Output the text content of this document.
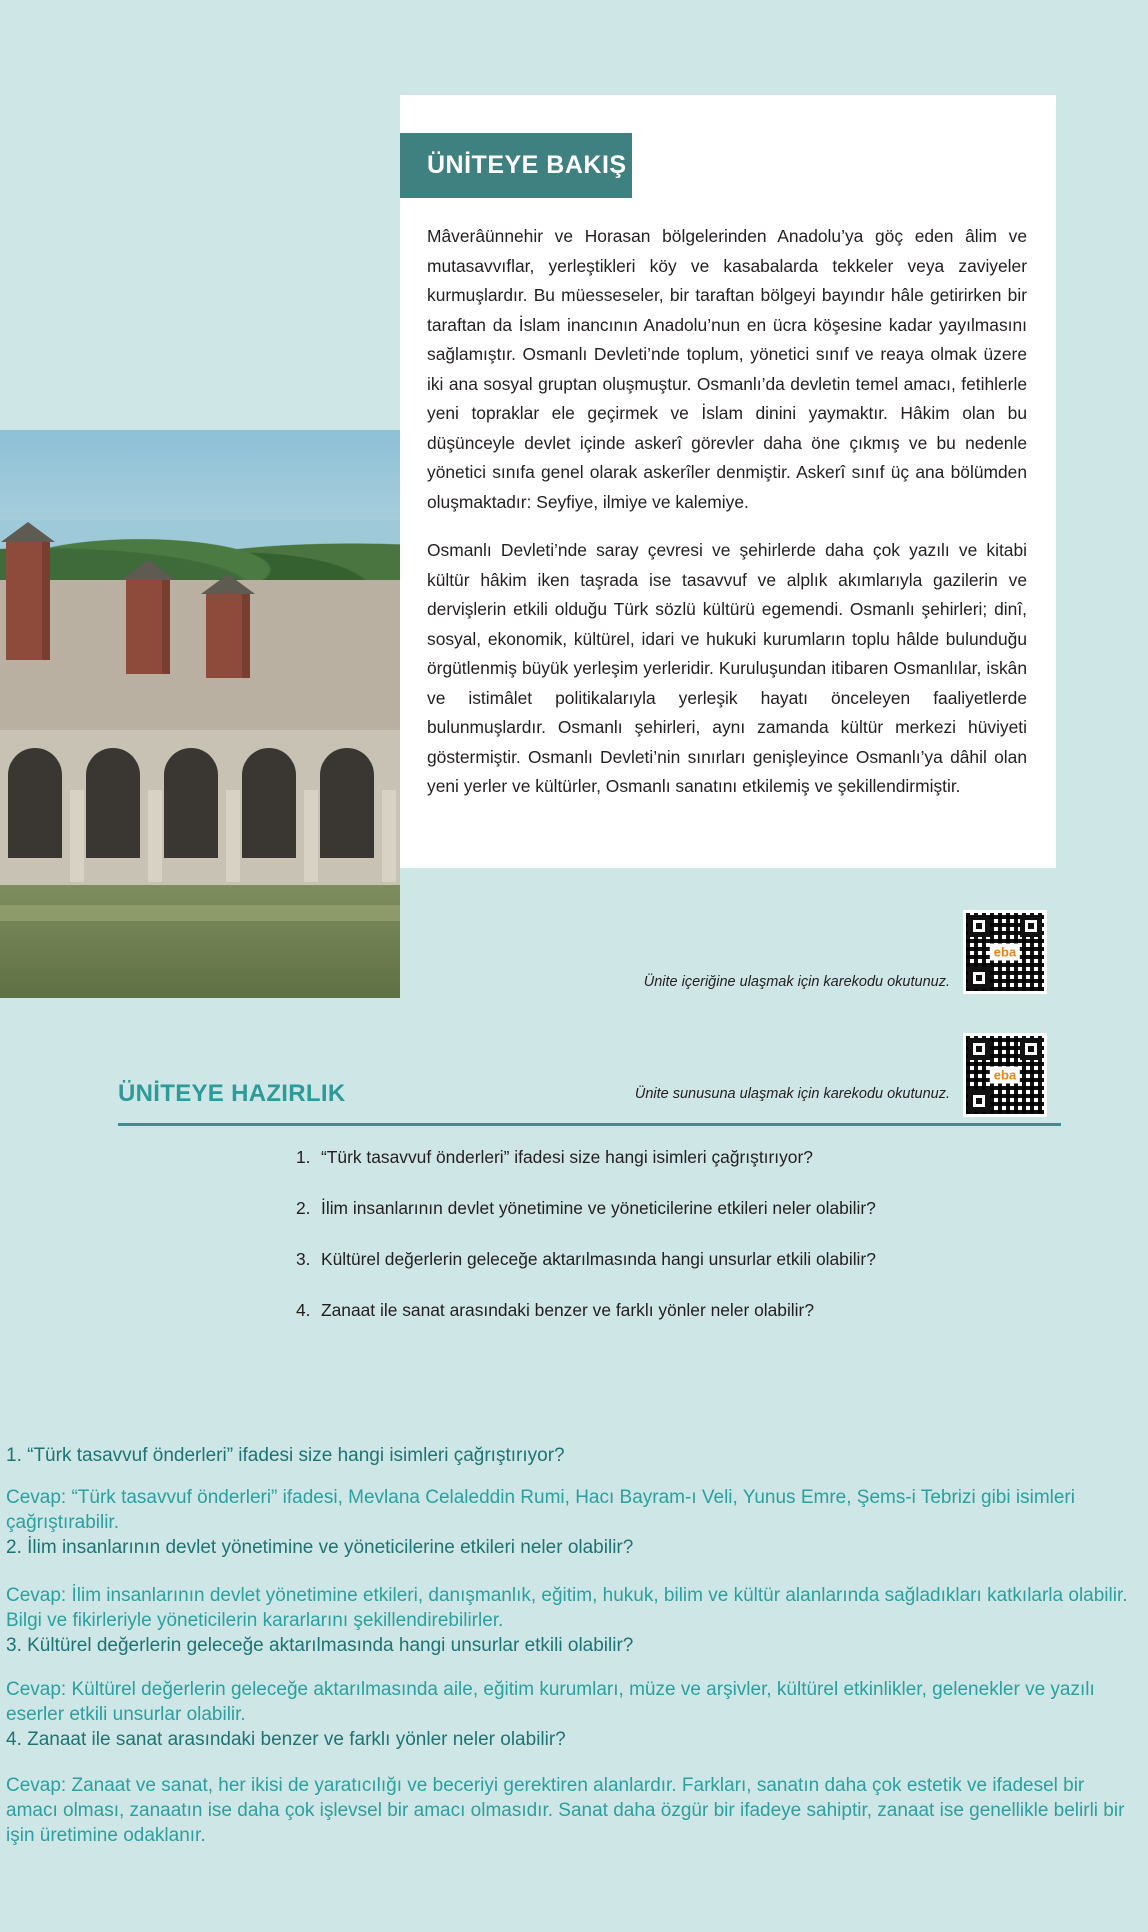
ÜNİTEYE BAKIŞ

Mâverâünnehir ve Horasan bölgelerinden Anadolu’ya göç eden âlim ve mutasavvıflar, yerleştikleri köy ve kasabalarda tekkeler veya zaviyeler kurmuşlardır. Bu müesseseler, bir taraftan bölgeyi bayındır hâle getirirken bir taraftan da İslam inancının Anadolu’nun en ücra köşesine kadar yayılmasını sağlamıştır. Osmanlı Devleti’nde toplum, yönetici sınıf ve reaya olmak üzere iki ana sosyal gruptan oluşmuştur. Osmanlı’da devletin temel amacı, fetihlerle yeni topraklar ele geçirmek ve İslam dinini yaymaktır. Hâkim olan bu düşünceyle devlet içinde askerî görevler daha öne çıkmış ve bu nedenle yönetici sınıfa genel olarak askerîler denmiştir. Askerî sınıf üç ana bölümden oluşmaktadır: Seyfiye, ilmiye ve kalemiye.

Osmanlı Devleti’nde saray çevresi ve şehirlerde daha çok yazılı ve kitabi kültür hâkim iken taşrada ise tasavvuf ve alplık akımlarıyla gazilerin ve dervişlerin etkili olduğu Türk sözlü kültürü egemendi. Osmanlı şehirleri; dinî, sosyal, ekonomik, kültürel, idari ve hukuki kurumların toplu hâlde bulunduğu örgütlenmiş büyük yerleşim yerleridir. Kuruluşundan itibaren Osmanlılar, iskân ve istimâlet politikalarıyla yerleşik hayatı önceleyen faaliyetlerde bulunmuşlardır. Osmanlı şehirleri, aynı zamanda kültür merkezi hüviyeti göstermiştir. Osmanlı Devleti’nin sınırları genişleyince Osmanlı’ya dâhil olan yeni yerler ve kültürler, Osmanlı sanatını etkilemiş ve şekillendirmiştir.

eba
Ünite içeriğine ulaşmak için karekodu okutunuz.
eba
Ünite sunusuna ulaşmak için karekodu okutunuz.
ÜNİTEYE HAZIRLIK
1. “Türk tasavvuf önderleri” ifadesi size hangi isimleri çağrıştırıyor?
2. İlim insanlarının devlet yönetimine ve yöneticilerine etkileri neler olabilir?
3. Kültürel değerlerin geleceğe aktarılmasında hangi unsurlar etkili olabilir?
4. Zanaat ile sanat arasındaki benzer ve farklı yönler neler olabilir?
1. “Türk tasavvuf önderleri” ifadesi size hangi isimleri çağrıştırıyor?
Cevap: “Türk tasavvuf önderleri” ifadesi, Mevlana Celaleddin Rumi, Hacı Bayram-ı Veli, Yunus Emre, Şems-i Tebrizi gibi isimleri çağrıştırabilir.
2. İlim insanlarının devlet yönetimine ve yöneticilerine etkileri neler olabilir?
Cevap: İlim insanlarının devlet yönetimine etkileri, danışmanlık, eğitim, hukuk, bilim ve kültür alanlarında sağladıkları katkılarla olabilir. Bilgi ve fikirleriyle yöneticilerin kararlarını şekillendirebilirler.
3. Kültürel değerlerin geleceğe aktarılmasında hangi unsurlar etkili olabilir?
Cevap: Kültürel değerlerin geleceğe aktarılmasında aile, eğitim kurumları, müze ve arşivler, kültürel etkinlikler, gelenekler ve yazılı eserler etkili unsurlar olabilir.
4. Zanaat ile sanat arasındaki benzer ve farklı yönler neler olabilir?
Cevap: Zanaat ve sanat, her ikisi de yaratıcılığı ve beceriyi gerektiren alanlardır. Farkları, sanatın daha çok estetik ve ifadesel bir amacı olması, zanaatın ise daha çok işlevsel bir amacı olmasıdır. Sanat daha özgür bir ifadeye sahiptir, zanaat ise genellikle belirli bir işin üretimine odaklanır.
